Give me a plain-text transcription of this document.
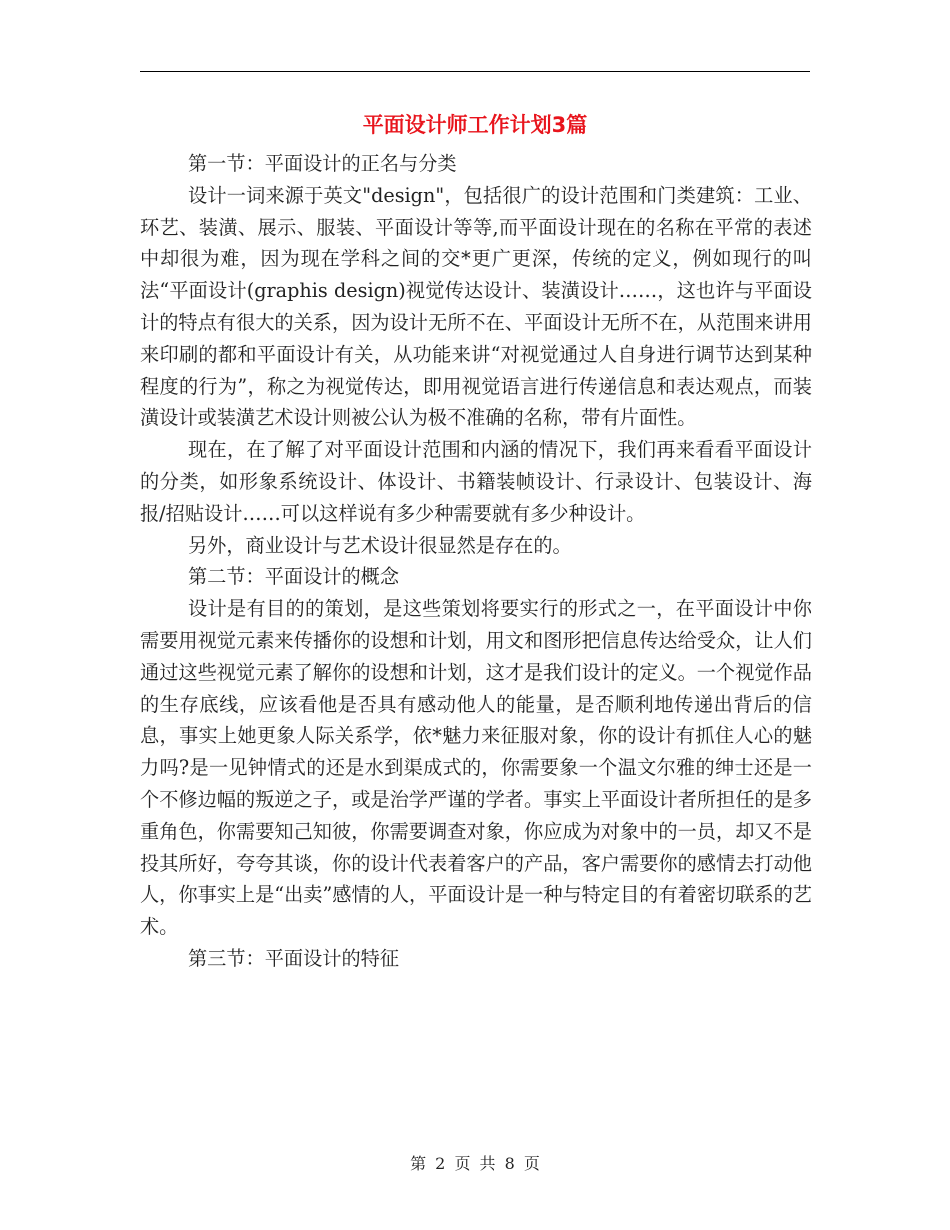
平面设计师工作计划3篇

第一节：平面设计的正名与分类

设计一词来源于英文"design"，包括很广的设计范围和门类建筑：工业、环艺、装潢、展示、服装、平面设计等等,而平面设计现在的名称在平常的表述中却很为难，因为现在学科之间的交*更广更深，传统的定义，例如现行的叫法“平面设计(graphis design)视觉传达设计、装潢设计……，这也许与平面设计的特点有很大的关系，因为设计无所不在、平面设计无所不在，从范围来讲用来印刷的都和平面设计有关，从功能来讲“对视觉通过人自身进行调节达到某种程度的行为”，称之为视觉传达，即用视觉语言进行传递信息和表达观点，而装潢设计或装潢艺术设计则被公认为极不准确的名称，带有片面性。

现在，在了解了对平面设计范围和内涵的情况下，我们再来看看平面设计的分类，如形象系统设计、体设计、书籍装帧设计、行录设计、包装设计、海报/招贴设计……可以这样说有多少种需要就有多少种设计。

另外，商业设计与艺术设计很显然是存在的。

第二节：平面设计的概念

设计是有目的的策划，是这些策划将要实行的形式之一，在平面设计中你需要用视觉元素来传播你的设想和计划，用文和图形把信息传达给受众，让人们通过这些视觉元素了解你的设想和计划，这才是我们设计的定义。一个视觉作品的生存底线，应该看他是否具有感动他人的能量，是否顺利地传递出背后的信息，事实上她更象人际关系学，依*魅力来征服对象，你的设计有抓住人心的魅力吗?是一见钟情式的还是水到渠成式的，你需要象一个温文尔雅的绅士还是一个不修边幅的叛逆之子，或是治学严谨的学者。事实上平面设计者所担任的是多重角色，你需要知己知彼，你需要调查对象，你应成为对象中的一员，却又不是投其所好，夸夸其谈，你的设计代表着客户的产品，客户需要你的感情去打动他人，你事实上是“出卖”感情的人，平面设计是一种与特定目的有着密切联系的艺术。

第三节：平面设计的特征

第 2 页 共 8 页
